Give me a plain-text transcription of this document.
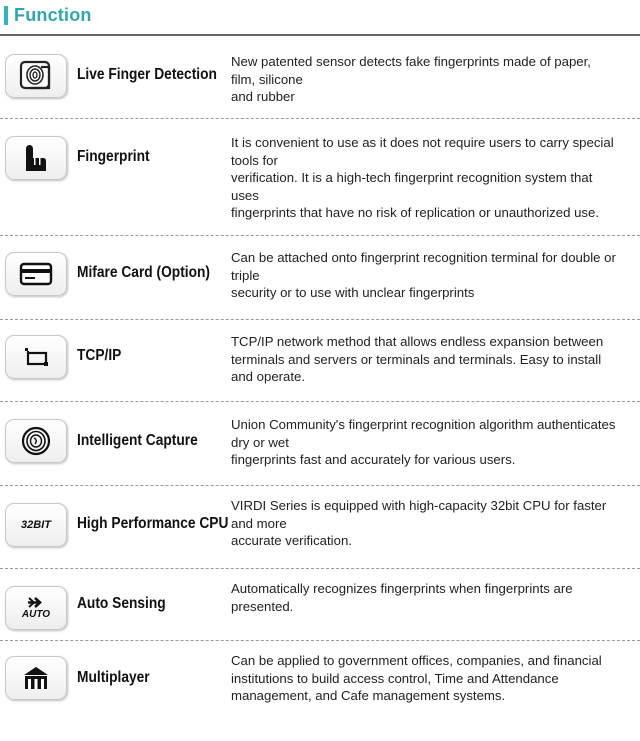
Function
Live Finger Detection
New patented sensor detects fake fingerprints made of paper,
film, silicone
and rubber
Fingerprint
It is convenient to use as it does not require users to carry special
tools for
verification. It is a high-tech fingerprint recognition system that
uses
fingerprints that have no risk of replication or unauthorized use.
Mifare Card (Option)
Can be attached onto fingerprint recognition terminal for double or
triple
security or to use with unclear fingerprints
TCP/IP
TCP/IP network method that allows endless expansion between
terminals and servers or terminals and terminals. Easy to install
and operate.
Intelligent Capture
Union Community's fingerprint recognition algorithm authenticates
dry or wet
fingerprints fast and accurately for various users.
32BIT High Performance CPU
VIRDI Series is equipped with high-capacity 32bit CPU for faster
and more
accurate verification.
AUTO
Auto Sensing
Automatically recognizes fingerprints when fingerprints are
presented.
Multiplayer
Can be applied to government offices, companies, and financial
institutions to build access control, Time and Attendance
management, and Cafe management systems.
